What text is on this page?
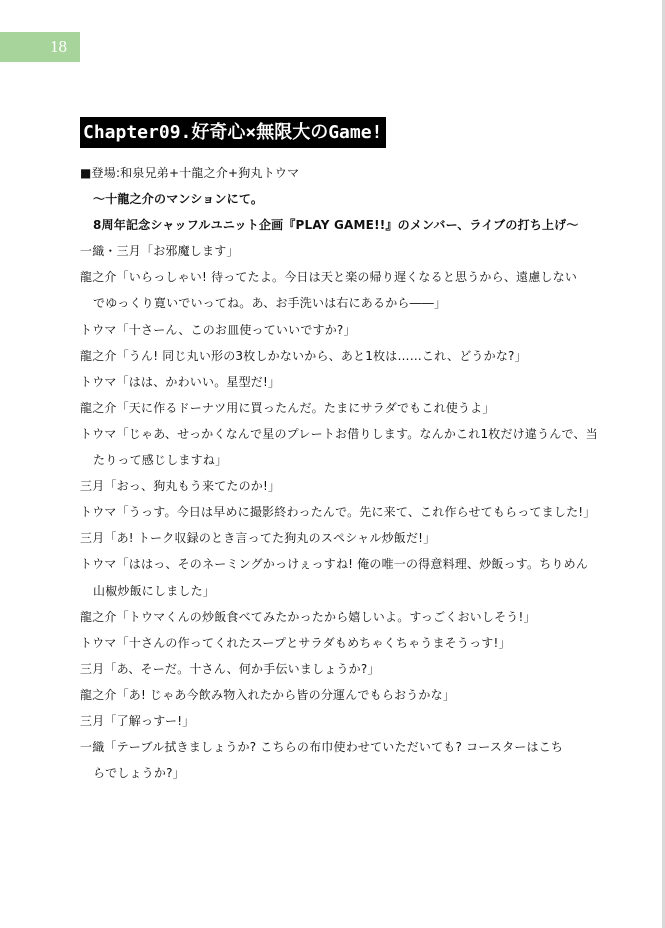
18
Chapter09.好奇心×無限大のGame!
■登場:和泉兄弟+十龍之介+狗丸トウマ
〜十龍之介のマンションにて。
8周年記念シャッフルユニット企画『PLAY GAME!!』のメンバー、ライブの打ち上げ〜
一織・三月「お邪魔します」
龍之介「いらっしゃい! 待ってたよ。今日は天と楽の帰り遅くなると思うから、遠慮しない
でゆっくり寛いでいってね。あ、お手洗いは右にあるから――」
トウマ「十さーん、このお皿使っていいですか?」
龍之介「うん! 同じ丸い形の3枚しかないから、あと1枚は……これ、どうかな?」
トウマ「はは、かわいい。星型だ!」
龍之介「天に作るドーナツ用に買ったんだ。たまにサラダでもこれ使うよ」
トウマ「じゃあ、せっかくなんで星のプレートお借りします。なんかこれ1枚だけ違うんで、当
たりって感じしますね」
三月「おっ、狗丸もう来てたのか!」
トウマ「うっす。今日は早めに撮影終わったんで。先に来て、これ作らせてもらってました!」
三月「あ! トーク収録のとき言ってた狗丸のスペシャル炒飯だ!」
トウマ「ははっ、そのネーミングかっけぇっすね! 俺の唯一の得意料理、炒飯っす。ちりめん
山椒炒飯にしました」
龍之介「トウマくんの炒飯食べてみたかったから嬉しいよ。すっごくおいしそう!」
トウマ「十さんの作ってくれたスープとサラダもめちゃくちゃうまそうっす!」
三月「あ、そーだ。十さん、何か手伝いましょうか?」
龍之介「あ! じゃあ今飲み物入れたから皆の分運んでもらおうかな」
三月「了解っすー!」
一織「テーブル拭きましょうか? こちらの布巾使わせていただいても? コースターはこち
らでしょうか?」
